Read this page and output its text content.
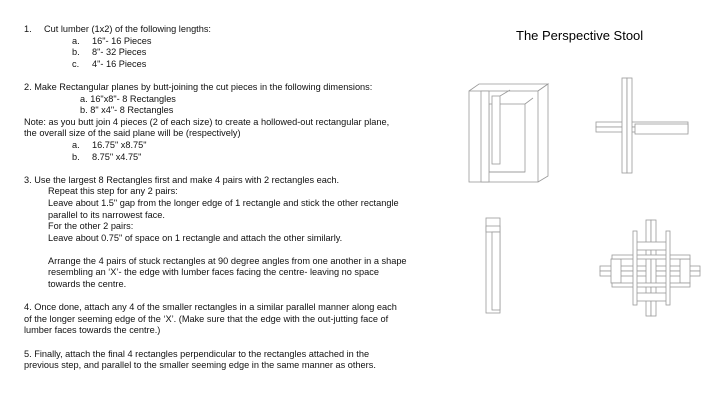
1. Cut lumber (1x2) of the following lengths:
a. 16"- 16 Pieces
b. 8"- 32 Pieces
c. 4"- 16 Pieces
2. Make Rectangular planes by butt-joining the cut pieces in the following dimensions:
a. 16"x8"- 8 Rectangles
b. 8" x4"- 8 Rectangles
Note: as you butt join 4 pieces (2 of each size) to create a hollowed-out rectangular plane,
the overall size of the said plane will be (respectively)
a. 16.75" x8.75"
b. 8.75" x4.75"
3. Use the largest 8 Rectangles first and make 4 pairs with 2 rectangles each.
Repeat this step for any 2 pairs:
Leave about 1.5" gap from the longer edge of 1 rectangle and stick the other rectangle
parallel to its narrowest face.
For the other 2 pairs:
Leave about 0.75" of space on 1 rectangle and attach the other similarly.
Arrange the 4 pairs of stuck rectangles at 90 degree angles from one another in a shape
resembling an ‘X’- the edge with lumber faces facing the centre- leaving no space
towards the centre.
4. Once done, attach any 4 of the smaller rectangles in a similar parallel manner along each
of the longer seeming edge of the ‘X’. (Make sure that the edge with the out-jutting face of
lumber faces towards the centre.)
5. Finally, attach the final 4 rectangles perpendicular to the rectangles attached in the
previous step, and parallel to the smaller seeming edge in the same manner as others.
The Perspective Stool
